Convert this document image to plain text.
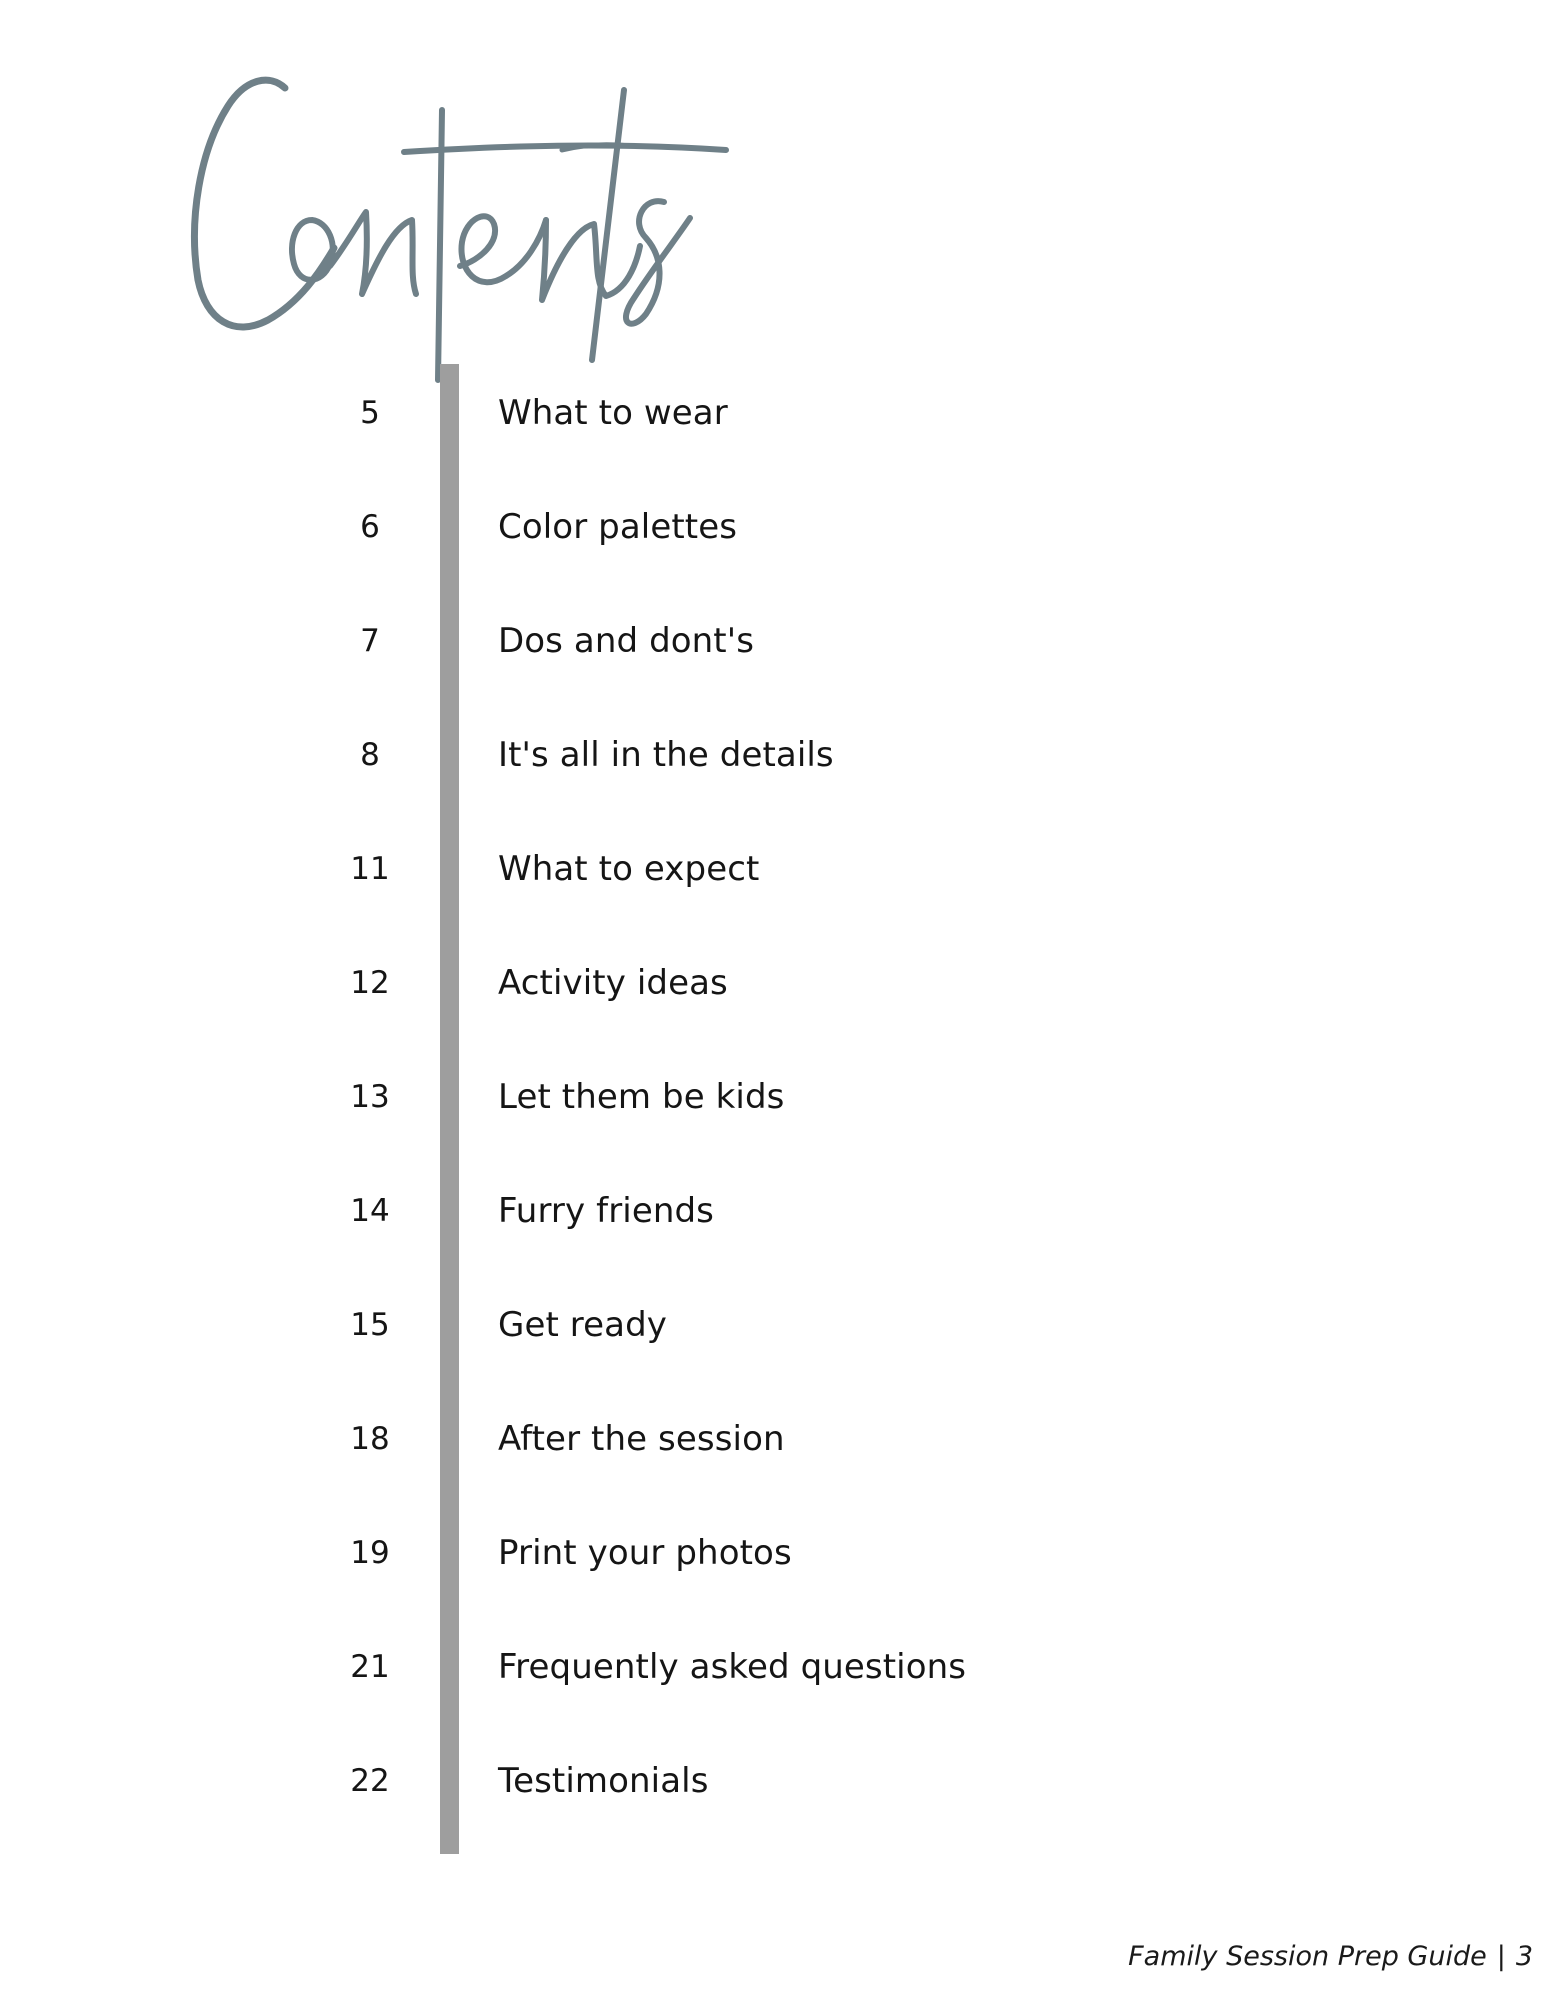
5	What to wear
6	Color palettes
7	Dos and dont's
8	It's all in the details
11	What to expect
12	Activity ideas
13	Let them be kids
14	Furry friends
15	Get ready
18	After the session
19	Print your photos
21	Frequently asked questions
22	Testimonials
Family Session Prep Guide | 3
